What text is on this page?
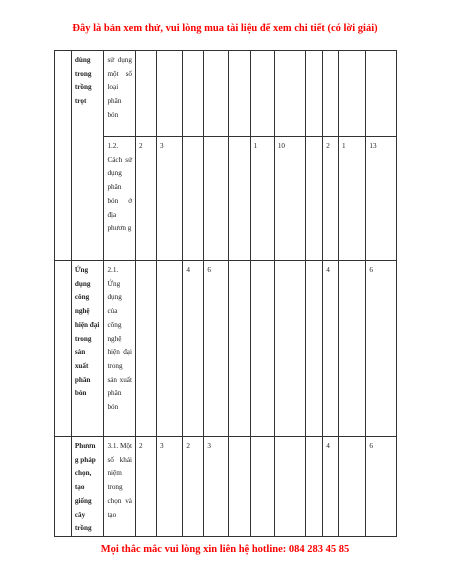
Đây là bản xem thử, vui lòng mua tài liệu để xem chi tiết (có lời giải)
	dùng trong trồng trọt	sử dụng một số loại phân bón											
		1.2. Cách sử dụng phân bón ở địa phươn g	2	3				1	10		2	1	13
	Ứng dụng công nghệ hiện đại trong sản xuất phân bón	2.1. Ứng dụng của công nghệ hiện đại trong sản xuất phân bón			4	6					4		6
	Phươn g pháp chọn, tạo giống cây trồng	3.1. Một số khái niệm trong chọn và tạo	2	3	2	3					4		6
Mọi thắc mắc vui lòng xin liên hệ hotline: 084 283 45 85
